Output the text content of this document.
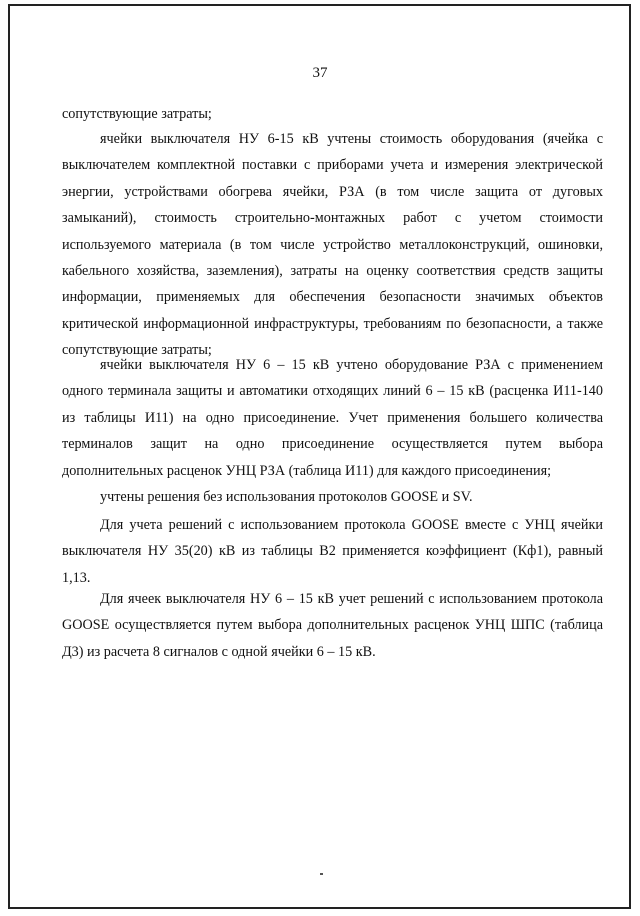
37

сопутствующие затраты;

ячейки выключателя НУ 6-15 кВ учтены стоимость оборудования (ячейка с выключателем комплектной поставки с приборами учета и измерения электрической энергии, устройствами обогрева ячейки, РЗА (в том числе защита от дуговых замыканий), стоимость строительно-монтажных работ с учетом стоимости используемого материала (в том числе устройство металлоконструкций, ошиновки, кабельного хозяйства, заземления), затраты на оценку соответствия средств защиты информации, применяемых для обеспечения безопасности значимых объектов критической информационной инфраструктуры, требованиям по безопасности, а также сопутствующие затраты;

ячейки выключателя НУ 6 – 15 кВ учтено оборудование РЗА с применением одного терминала защиты и автоматики отходящих линий 6 – 15 кВ (расценка И11-140 из таблицы И11) на одно присоединение. Учет применения большего количества терминалов защит на одно присоединение осуществляется путем выбора дополнительных расценок УНЦ РЗА (таблица И11) для каждого присоединения;

учтены решения без использования протоколов GOOSE и SV.

Для учета решений с использованием протокола GOOSE вместе с УНЦ ячейки выключателя НУ 35(20) кВ из таблицы В2 применяется коэффициент (Кф1), равный 1,13.

Для ячеек выключателя НУ 6 – 15 кВ учет решений с использованием протокола GOOSE осуществляется путем выбора дополнительных расценок УНЦ ШПС (таблица Д3) из расчета 8 сигналов с одной ячейки 6 – 15 кВ.
